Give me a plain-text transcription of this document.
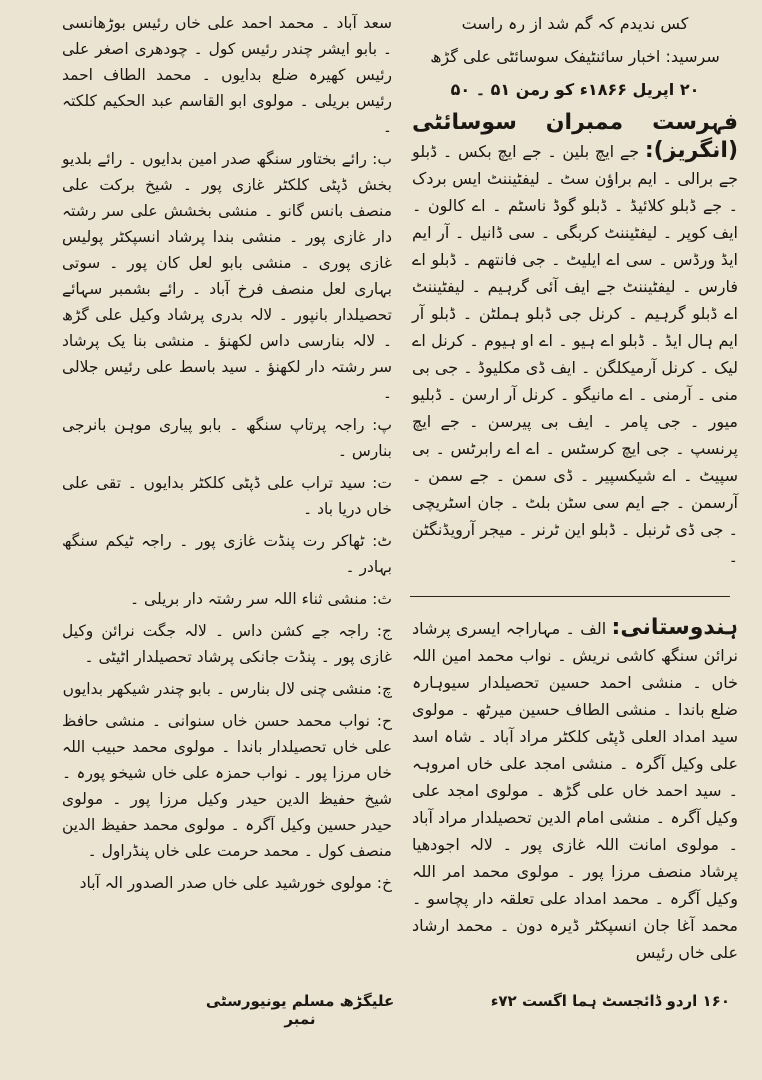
کس ندیدم کہ گم شد از رہ راست

سرسید: اخبار سائنٹیفک سوسائٹی علی گڑھ

۲۰ اپریل ۱۸۶۶ء کو رمن ۵۱ ۔ ۵۰

فہرست ممبران سوسائٹی (انگریز): جے ایچ بلین ۔ جے ایچ بکس ۔ ڈبلو جے برالی ۔ ایم براؤن سٹ ۔ لیفٹیننٹ ایس بردک ۔ جے ڈبلو کلائیڈ ۔ ڈبلو گوڈ ناسٹم ۔ اے کالون ۔ ایف کوپر ۔ لیفٹیننٹ کربگی ۔ سی ڈانیل ۔ آر ایم ایڈ ورڈس ۔ سی اے ایلیٹ ۔ جی فانتھم ۔ ڈبلو اے فارس ۔ لیفٹیننٹ جے ایف آئی گرہیم ۔ لیفٹیننٹ اے ڈبلو گرہیم ۔ کرنل جی ڈبلو ہملٹن ۔ ڈبلو آر ایم ہال ایڈ ۔ ڈبلو اے ہیو ۔ اے او ہیوم ۔ کرنل اے لیک ۔ کرنل آرمیکلگن ۔ ایف ڈی مکلیوڈ ۔ جی بی منی ۔ آرمنی ۔ اے مانیگو ۔ کرنل آر ارسن ۔ ڈبلیو میور ۔ جی پامر ۔ ایف بی پیرسن ۔ جے ایچ پرنسپ ۔ جی ایچ کرسٹس ۔ اے اے رابرٹس ۔ بی سپیٹ ۔ اے شیکسپیر ۔ ڈی سمن ۔ جے سمن ۔ آرسمن ۔ جے ایم سی سٹن بلٹ ۔ جان اسٹریچی ۔ جی ڈی ٹرنبل ۔ ڈبلو این ٹرنر ۔ میجر آرویڈنگٹن ۔

ہندوستانی: الف ۔ مہاراجہ ایسری پرشاد نرائن سنگھ کاشی نریش ۔ نواب محمد امین اللہ خاں ۔ منشی احمد حسین تحصیلدار سیوہارہ ضلع باندا ۔ منشی الطاف حسین میرٹھ ۔ مولوی سید امداد العلی ڈپٹی کلکٹر مراد آباد ۔ شاہ اسد علی وکیل آگرہ ۔ منشی امجد علی خاں امروہہ ۔ سید احمد خاں علی گڑھ ۔ مولوی امجد علی وکیل آگرہ ۔ منشی امام الدین تحصیلدار مراد آباد ۔ مولوی امانت اللہ غازی پور ۔ لالہ اجودھیا پرشاد منصف مرزا پور ۔ مولوی محمد امر اللہ وکیل آگرہ ۔ محمد امداد علی تعلقہ دار پچاسو ۔ محمد آغا جان انسپکٹر ڈیرہ دون ۔ محمد ارشاد علی خاں رئیس

سعد آباد ۔ محمد احمد علی خاں رئیس بوڑھانسی ۔ بابو ایشر چندر رئیس کول ۔ چودھری اصغر علی رئیس کھیرہ ضلع بدایوں ۔ محمد الطاف احمد رئیس بریلی ۔ مولوی ابو القاسم عبد الحکیم کلکتہ ۔

ب: رائے بختاور سنگھ صدر امین بدایوں ۔ رائے بلدیو بخش ڈپٹی کلکٹر غازی پور ۔ شیخ برکت علی منصف بانس گانو ۔ منشی بخشش علی سر رشتہ دار غازی پور ۔ منشی بندا پرشاد انسپکٹر پولیس غازی پوری ۔ منشی بابو لعل کان پور ۔ سوتی بہاری لعل منصف فرخ آباد ۔ رائے بشمبر سہائے تحصیلدار بانپور ۔ لالہ بدری پرشاد وکیل علی گڑھ ۔ لالہ بنارسی داس لکھنؤ ۔ منشی بنا یک پرشاد سر رشتہ دار لکھنؤ ۔ سید باسط علی رئیس جلالی ۔

پ: راجہ پرتاپ سنگھ ۔ بابو پیاری موہن بانرجی بنارس ۔

ت: سید تراب علی ڈپٹی کلکٹر بدایوں ۔ تقی علی خاں دریا باد ۔

ٹ: ٹھاکر رت پنڈت غازی پور ۔ راجہ ٹیکم سنگھ بہادر ۔

ث: منشی ثناء اللہ سر رشتہ دار بریلی ۔

ج: راجہ جے کشن داس ۔ لالہ جگت نرائن وکیل غازی پور ۔ پنڈت جانکی پرشاد تحصیلدار اٹیٹی ۔

چ: منشی چنی لال بنارس ۔ بابو چندر شیکھر بدایوں

ح: نواب محمد حسن خاں سنوانی ۔ منشی حافظ علی خاں تحصیلدار باندا ۔ مولوی محمد حبیب اللہ خاں مرزا پور ۔ نواب حمزہ علی خاں شیخو پورہ ۔ شیخ حفیظ الدین حیدر وکیل مرزا پور ۔ مولوی حیدر حسین وکیل آگرہ ۔ مولوی محمد حفیظ الدین منصف کول ۔ محمد حرمت علی خاں پنڈراول ۔

خ: مولوی خورشید علی خاں صدر الصدور الہ آباد

۱۶۰ اردو ڈائجسٹ ہما اگست ۷۲ء
علیگڑھ مسلم یونیورسٹی نمبر
